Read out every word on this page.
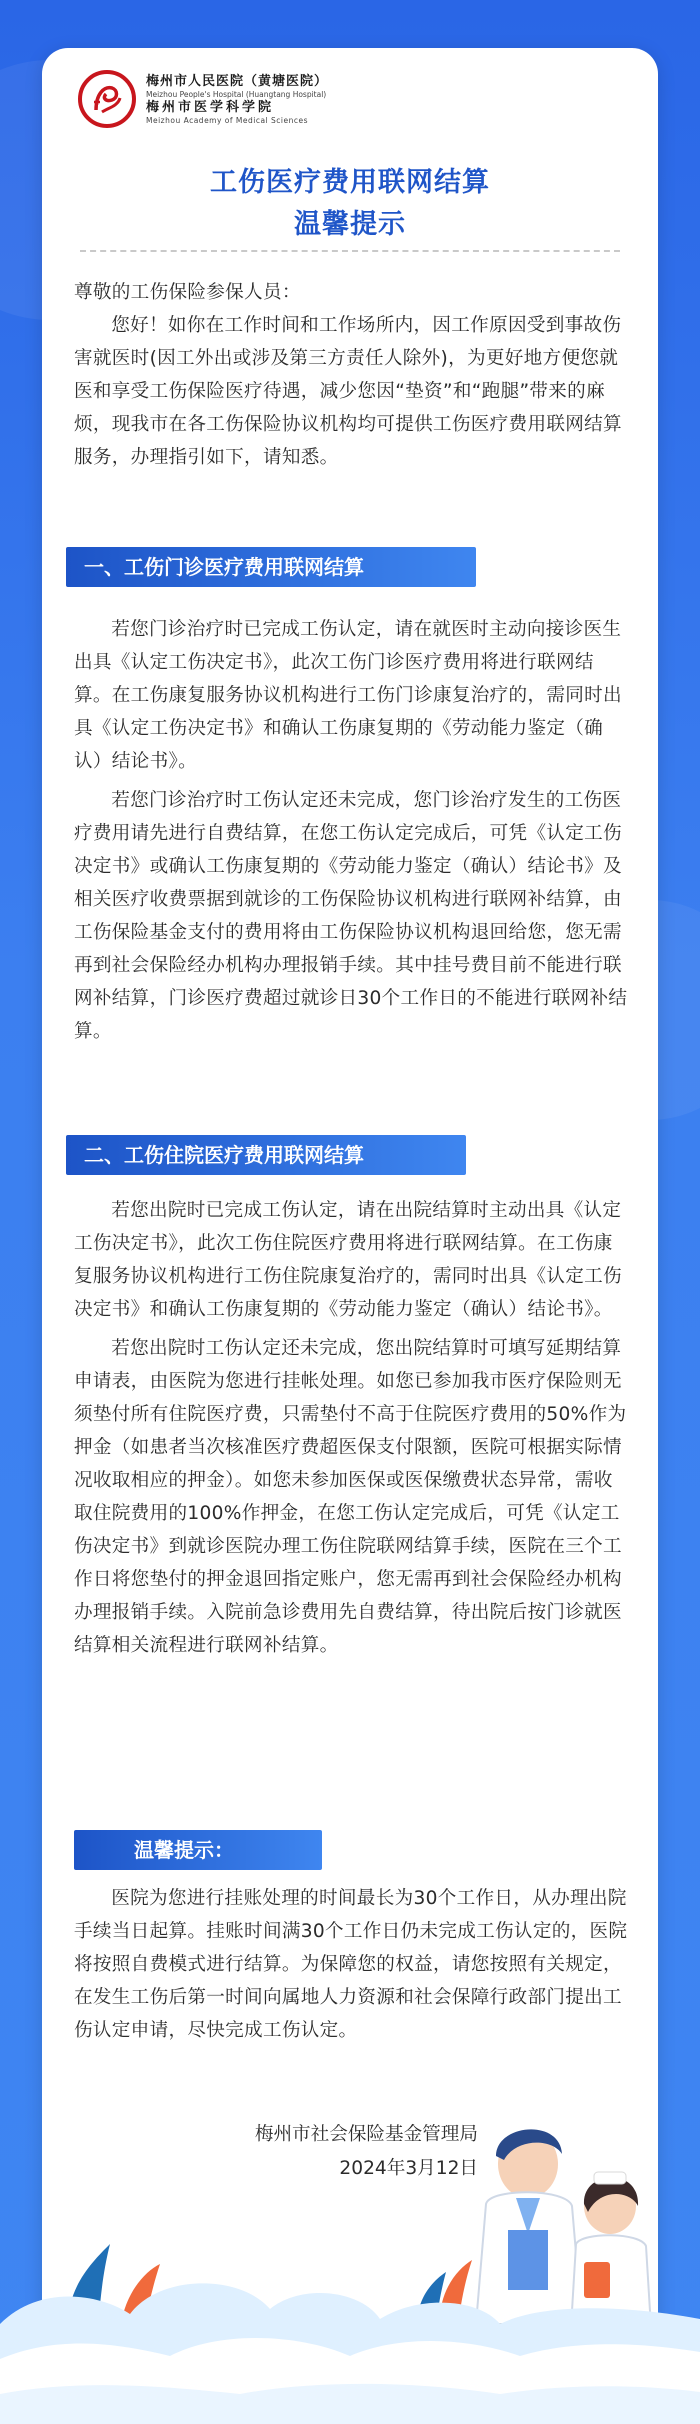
梅州市人民医院（黄塘医院）
Meizhou People's Hospital (Huangtang Hospital)
梅州市医学科学院
Meizhou Academy of Medical Sciences
工伤医疗费用联网结算
温馨提示

尊敬的工伤保险参保人员：

您好！如你在工作时间和工作场所内，因工作原因受到事故伤害就医时(因工外出或涉及第三方责任人除外)，为更好地方便您就医和享受工伤保险医疗待遇，减少您因“垫资”和“跑腿”带来的麻烦，现我市在各工伤保险协议机构均可提供工伤医疗费用联网结算服务，办理指引如下，请知悉。

一、工伤门诊医疗费用联网结算

若您门诊治疗时已完成工伤认定，请在就医时主动向接诊医生出具《认定工伤决定书》，此次工伤门诊医疗费用将进行联网结算。在工伤康复服务协议机构进行工伤门诊康复治疗的，需同时出具《认定工伤决定书》和确认工伤康复期的《劳动能力鉴定（确认）结论书》。

若您门诊治疗时工伤认定还未完成，您门诊治疗发生的工伤医疗费用请先进行自费结算，在您工伤认定完成后，可凭《认定工伤决定书》或确认工伤康复期的《劳动能力鉴定（确认）结论书》及相关医疗收费票据到就诊的工伤保险协议机构进行联网补结算，由工伤保险基金支付的费用将由工伤保险协议机构退回给您，您无需再到社会保险经办机构办理报销手续。其中挂号费目前不能进行联网补结算，门诊医疗费超过就诊日30个工作日的不能进行联网补结算。

二、工伤住院医疗费用联网结算

若您出院时已完成工伤认定，请在出院结算时主动出具《认定工伤决定书》，此次工伤住院医疗费用将进行联网结算。在工伤康复服务协议机构进行工伤住院康复治疗的，需同时出具《认定工伤决定书》和确认工伤康复期的《劳动能力鉴定（确认）结论书》。

若您出院时工伤认定还未完成，您出院结算时可填写延期结算申请表，由医院为您进行挂帐处理。如您已参加我市医疗保险则无须垫付所有住院医疗费，只需垫付不高于住院医疗费用的50%作为押金（如患者当次核准医疗费超医保支付限额，医院可根据实际情况收取相应的押金）。如您未参加医保或医保缴费状态异常，需收取住院费用的100%作押金，在您工伤认定完成后，可凭《认定工伤决定书》到就诊医院办理工伤住院联网结算手续，医院在三个工作日将您垫付的押金退回指定账户，您无需再到社会保险经办机构办理报销手续。入院前急诊费用先自费结算，待出院后按门诊就医结算相关流程进行联网补结算。

温馨提示：

医院为您进行挂账处理的时间最长为30个工作日，从办理出院手续当日起算。挂账时间满30个工作日仍未完成工伤认定的，医院将按照自费模式进行结算。为保障您的权益，请您按照有关规定，在发生工伤后第一时间向属地人力资源和社会保障行政部门提出工伤认定申请，尽快完成工伤认定。

梅州市社会保险基金管理局
2024年3月12日
